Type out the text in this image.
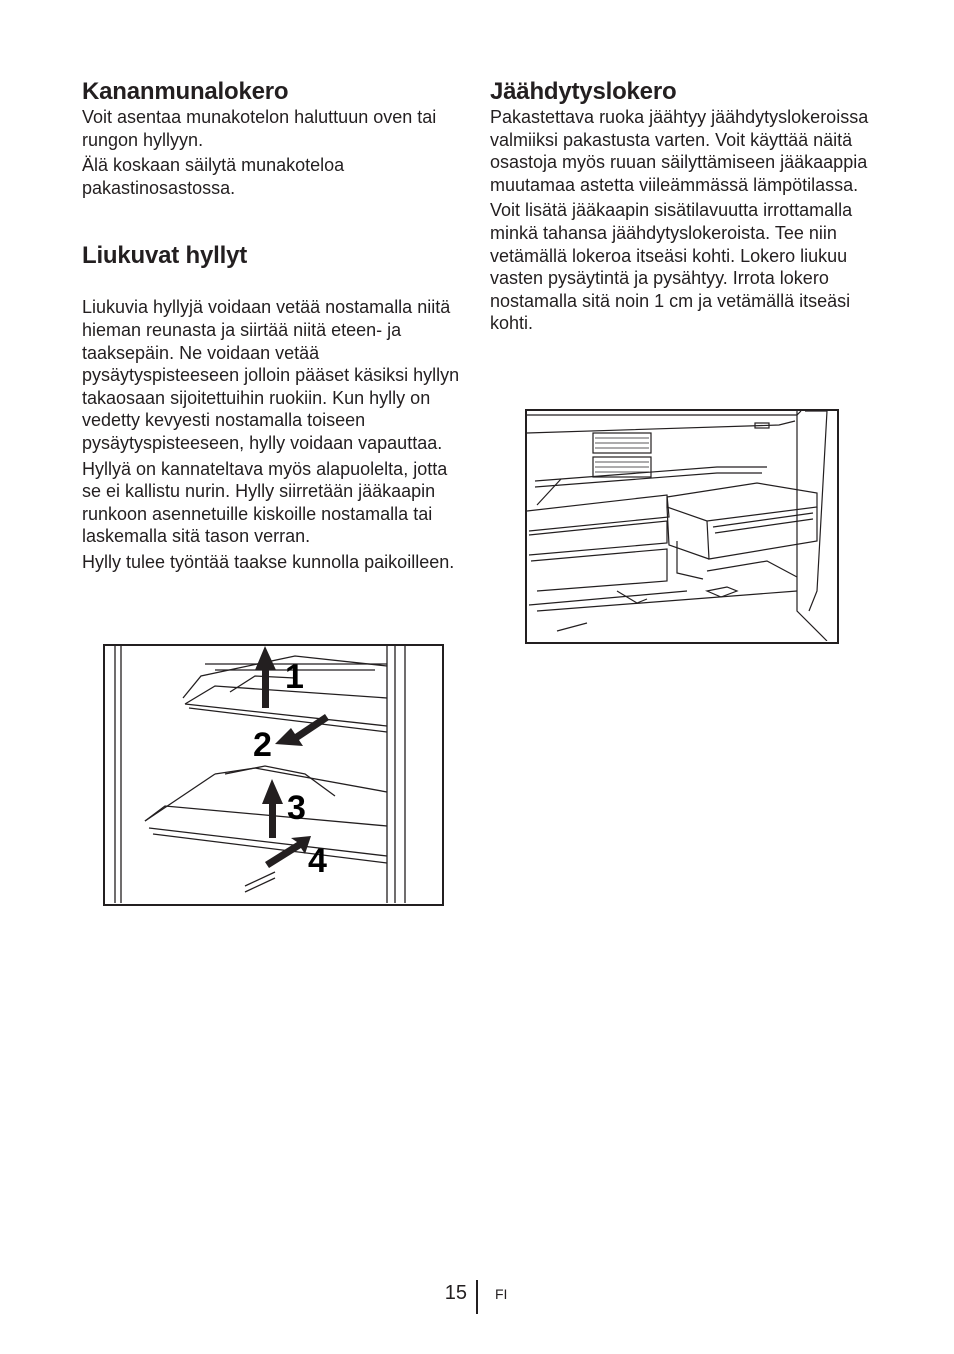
Kananmunalokero

Voit asentaa munakotelon haluttuun oven tai rungon hyllyyn.

Älä koskaan säilytä munakoteloa pakastinosastossa.

Liukuvat hyllyt

Liukuvia hyllyjä voidaan vetää nostamalla niitä hieman reunasta ja siirtää niitä eteen- ja taaksepäin. Ne voidaan vetää pysäytyspisteeseen jolloin pääset käsiksi hyllyn takaosaan sijoitettuihin ruokiin. Kun hylly on vedetty kevyesti nostamalla toiseen pysäytyspisteeseen, hylly voidaan vapauttaa.

Hyllyä on kannateltava myös alapuolelta, jotta se ei kallistu nurin. Hylly siirretään jääkaapin runkoon asennetuille kiskoille nostamalla tai laskemalla sitä tason verran.

Hylly tulee työntää taakse kunnolla paikoilleen.

Jäähdytyslokero

Pakastettava ruoka jäähtyy jäähdytyslokeroissa valmiiksi pakastusta varten. Voit käyttää näitä osastoja myös ruuan säilyttämiseen jääkaappia muutamaa astetta viileämmässä lämpötilassa.

Voit lisätä jääkaapin sisätilavuutta irrottamalla minkä tahansa jäähdytyslokeroista. Tee niin vetämällä lokeroa itseäsi kohti. Lokero liukuu vasten pysäytintä ja pysähtyy. Irrota lokero nostamalla sitä noin 1 cm ja vetämällä itseäsi kohti.

1
2
3
4
15 FI
